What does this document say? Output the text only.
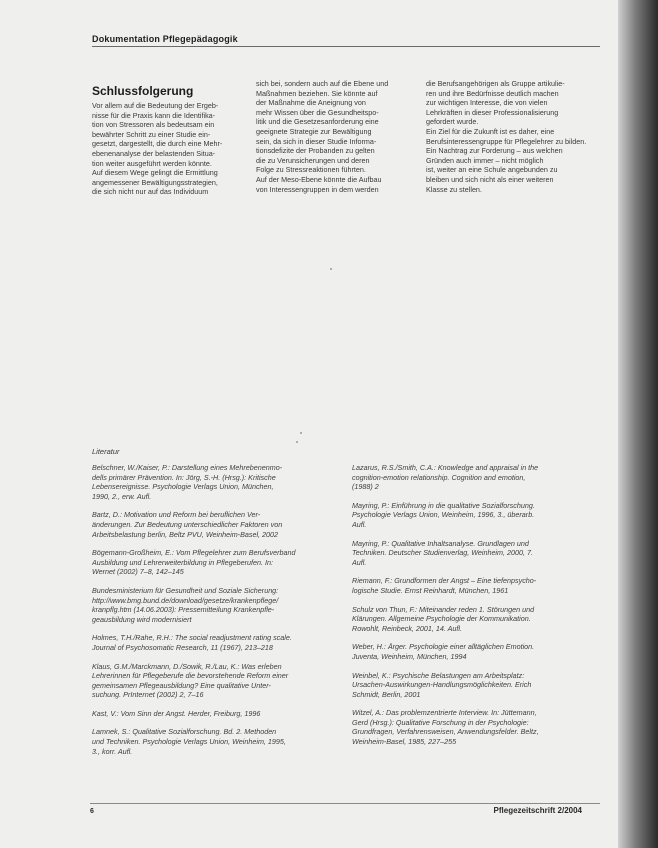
Dokumentation Pflegepädagogik
Schlussfolgerung
Vor allem auf die Bedeutung der Ergeb-
nisse für die Praxis kann die Identifika-
tion von Stressoren als bedeutsam ein
bewährter Schritt zu einer Studie ein-
gesetzt, dargestellt, die durch eine Mehr-
ebenenanalyse der belastenden Situa-
tion weiter ausgeführt werden könnte.
Auf diesem Wege gelingt die Ermittlung
angemessener Bewältigungsstrategien,
die sich nicht nur auf das Individuum
sich bei, sondern auch auf die Ebene und
Maßnahmen beziehen. Sie könnte auf
der Maßnahme die Aneignung von
mehr Wissen über die Gesundheitspo-
litik und die Gesetzesanforderung eine
geeignete Strategie zur Bewältigung
sein, da sich in dieser Studie Informa-
tionsdefizite der Probanden zu gelten
die zu Verunsicherungen und deren
Folge zu Stressreaktionen führten.
Auf der Meso-Ebene könnte die Aufbau
von Interessengruppen in dem werden
die Berufsangehörigen als Gruppe artikulie-
ren und ihre Bedürfnisse deutlich machen
zur wichtigen Interesse, die von vielen
Lehrkräften in dieser Professionalisierung
gefordert wurde.
Ein Ziel für die Zukunft ist es daher, eine
Berufsinteressengruppe für Pflegelehrer zu bilden.
Ein Nachtrag zur Forderung – aus welchen
Gründen auch immer – nicht möglich
ist, weiter an eine Schule angebunden zu
bleiben und sich nicht als einer weiteren
Klasse zu stellen.
Literatur
Belschner, W./Kaiser, P.: Darstellung eines Mehrebenenmo-
dells primärer Prävention. In: Jörg, S.-H. (Hrsg.): Kritische
Lebensereignisse. Psychologie Verlags Union, München,
1990, 2., erw. Aufl.
Bartz, D.: Motivation und Reform bei beruflichen Ver-
änderungen. Zur Bedeutung unterschiedlicher Faktoren von
Arbeitsbelastung berlin, Beltz PVU, Weinheim-Basel, 2002
Bögemann-Großheim, E.: Vom Pflegelehrer zum Berufsverband
Ausbildung und Lehrerweiterbildung in Pflegeberufen. In:
Wernet (2002) 7–8, 142–145
Bundesministerium für Gesundheit und Soziale Sicherung:
http://www.bmg.bund.de/download/gesetze/krankenpflege/
kranpflg.htm (14.06.2003): Pressemitteilung Krankenpfle-
geausbildung wird modernisiert
Holmes, T.H./Rahe, R.H.: The social readjustment rating scale.
Journal of Psychosomatic Research, 11 (1967), 213–218
Klaus, G.M./Marckmann, D./Sowik, R./Lau, K.: Was erleben
Lehrerinnen für Pflegeberufe die bevorstehende Reform einer
gemeinsamen Pflegeausbildung? Eine qualitative Unter-
suchung. PrInternet (2002) 2, 7–16
Kast, V.: Vom Sinn der Angst. Herder, Freiburg, 1996
Lamnek, S.: Qualitative Sozialforschung. Bd. 2. Methoden
und Techniken. Psychologie Verlags Union, Weinheim, 1995,
3., korr. Aufl.
Lazarus, R.S./Smith, C.A.: Knowledge and appraisal in the
cognition-emotion relationship. Cognition and emotion,
(1988) 2
Mayring, P.: Einführung in die qualitative Sozialforschung.
Psychologie Verlags Union, Weinheim, 1996, 3., überarb.
Aufl.
Mayring, P.: Qualitative Inhaltsanalyse. Grundlagen und
Techniken. Deutscher Studienverlag, Weinheim, 2000, 7.
Aufl.
Riemann, F.: Grundformen der Angst – Eine tiefenpsycho-
logische Studie. Ernst Reinhardt, München, 1961
Schulz von Thun, F.: Miteinander reden 1. Störungen und
Klärungen. Allgemeine Psychologie der Kommunikation.
Rowohlt, Reinbeck, 2001, 14. Aufl.
Weber, H.: Ärger. Psychologie einer alltäglichen Emotion.
Juventa, Weinheim, München, 1994
Weinbel, K.: Psychische Belastungen am Arbeitsplatz:
Ursachen-Auswirkungen-Handlungsmöglichkeiten. Erich
Schmidt, Berlin, 2001
Witzel, A.: Das problemzentrierte Interview. In: Jüttemann,
Gerd (Hrsg.): Qualitative Forschung in der Psychologie:
Grundfragen, Verfahrensweisen, Anwendungsfelder. Beltz,
Weinheim-Basel, 1985, 227–255
6	Pflegezeitschrift 2/2004
